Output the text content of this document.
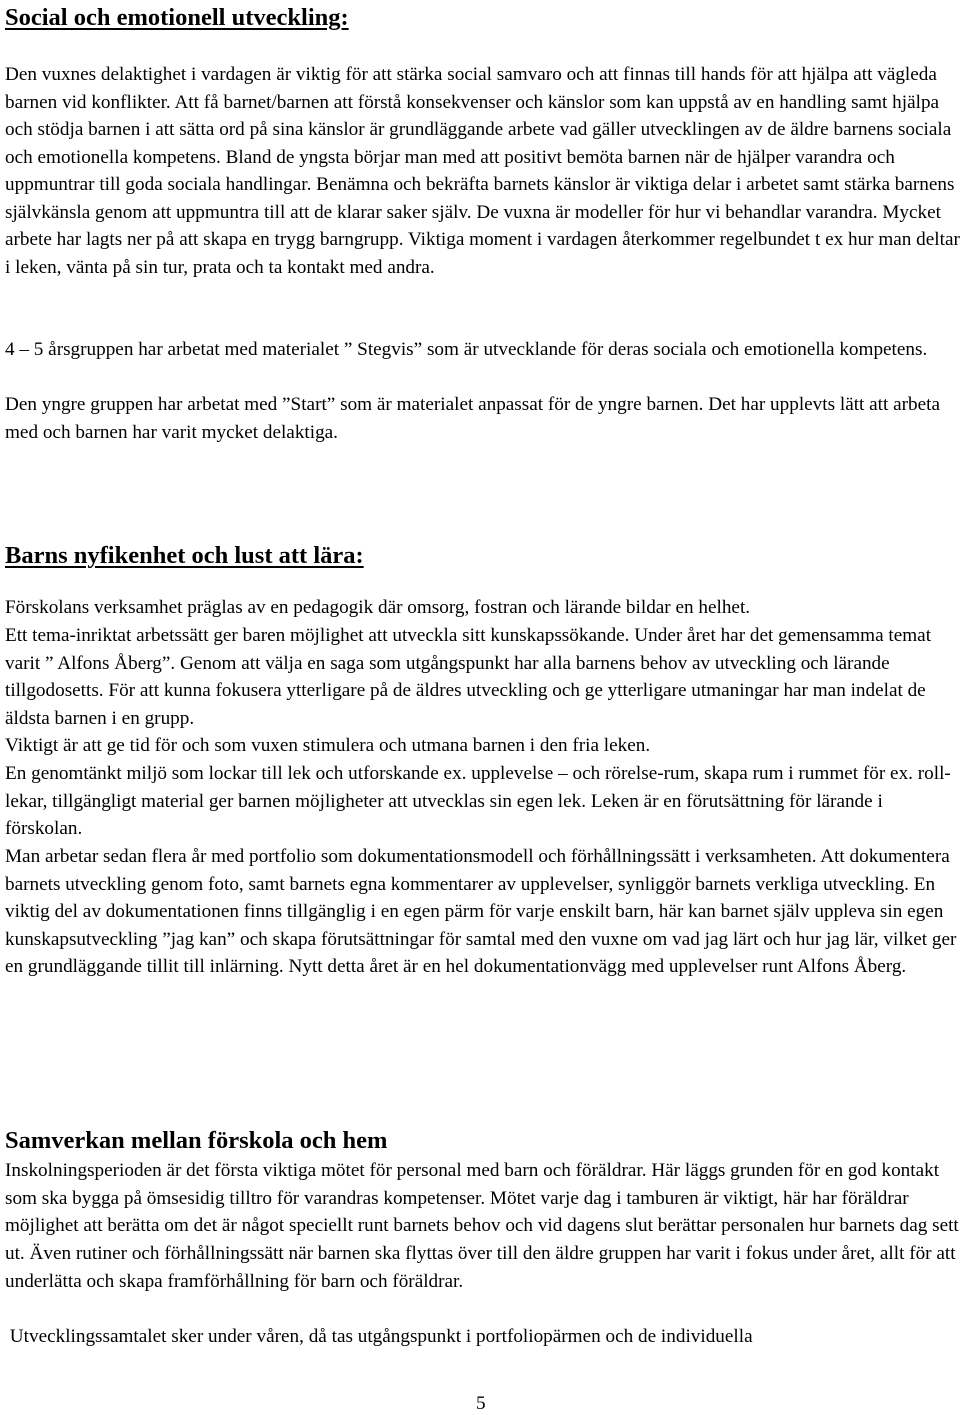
Social och emotionell utveckling:

Den vuxnes delaktighet i vardagen är viktig för att stärka social samvaro och att finnas till hands för att hjälpa att vägleda barnen vid konflikter. Att få barnet/barnen att förstå konsekvenser och känslor som kan uppstå av en handling samt hjälpa och stödja barnen i att sätta ord på sina känslor är grundläggande arbete vad gäller utvecklingen av de äldre barnens sociala och emotionella kompetens. Bland de yngsta börjar man med att positivt bemöta barnen när de hjälper varandra och uppmuntrar till goda sociala handlingar. Benämna och bekräfta barnets känslor är viktiga delar i arbetet samt stärka barnens självkänsla genom att uppmuntra till att de klarar saker själv. De vuxna är modeller för hur vi behandlar varandra. Mycket arbete har lagts ner på att skapa en trygg barngrupp. Viktiga moment i vardagen återkommer regelbundet t ex hur man deltar i leken, vänta på sin tur, prata och ta kontakt med andra.

4 – 5 årsgruppen har arbetat med materialet ” Stegvis” som är utvecklande för deras sociala och emotionella kompetens.

Den yngre gruppen har arbetat med ”Start” som är materialet anpassat för de yngre barnen. Det har upplevts lätt att arbeta med och barnen har varit mycket delaktiga.

Barns nyfikenhet och lust att lära:

Förskolans verksamhet präglas av en pedagogik där omsorg, fostran och lärande bildar en helhet.

Ett tema-inriktat arbetssätt ger baren möjlighet att utveckla sitt kunskapssökande. Under året har det gemensamma temat varit ” Alfons Åberg”. Genom att välja en saga som utgångspunkt har alla barnens behov av utveckling och lärande tillgodosetts. För att kunna fokusera ytterligare på de äldres utveckling och ge ytterligare utmaningar har man indelat de äldsta barnen i en grupp.

Viktigt är att ge tid för och som vuxen stimulera och utmana barnen i den fria leken.

En genomtänkt miljö som lockar till lek och utforskande ex. upplevelse – och rörelse-rum, skapa rum i rummet för ex. roll-lekar, tillgängligt material ger barnen möjligheter att utvecklas sin egen lek. Leken är en förutsättning för lärande i förskolan.

Man arbetar sedan flera år med portfolio som dokumentationsmodell och förhållningssätt i verksamheten. Att dokumentera barnets utveckling genom foto, samt barnets egna kommentarer av upplevelser, synliggör barnets verkliga utveckling. En viktig del av dokumentationen finns tillgänglig i en egen pärm för varje enskilt barn, här kan barnet själv uppleva sin egen kunskapsutveckling ”jag kan” och skapa förutsättningar för samtal med den vuxne om vad jag lärt och hur jag lär, vilket ger en grundläggande tillit till inlärning. Nytt detta året är en hel dokumentationvägg med upplevelser runt Alfons Åberg.

Samverkan mellan förskola och hem

Inskolningsperioden är det första viktiga mötet för personal med barn och föräldrar. Här läggs grunden för en god kontakt som ska bygga på ömsesidig tilltro för varandras kompetenser. Mötet varje dag i tamburen är viktigt, här har föräldrar möjlighet att berätta om det är något speciellt runt barnets behov och vid dagens slut berättar personalen hur barnets dag sett ut. Även rutiner och förhållningssätt när barnen ska flyttas över till den äldre gruppen har varit i fokus under året, allt för att underlätta och skapa framförhållning för barn och föräldrar.

Utvecklingssamtalet sker under våren, då tas utgångspunkt i portfoliopärmen och de individuella

5
